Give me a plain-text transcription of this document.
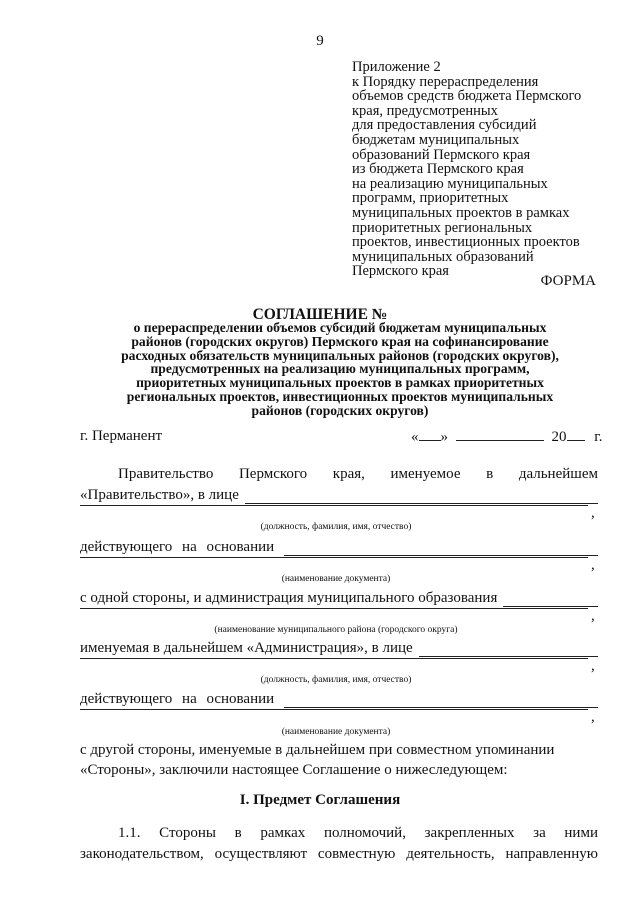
9
Приложение 2
к Порядку перераспределения
объемов средств бюджета Пермского
края, предусмотренных
для предоставления субсидий
бюджетам муниципальных
образований Пермского края
из бюджета Пермского края
на реализацию муниципальных
программ, приоритетных
муниципальных проектов в рамках
приоритетных региональных
проектов, инвестиционных проектов
муниципальных образований
Пермского края
ФОРМА
СОГЛАШЕНИЕ №
о перераспределении объемов субсидий бюджетам муниципальных
районов (городских округов) Пермского края на софинансирование
расходных обязательств муниципальных районов (городских округов),
предусмотренных на реализацию муниципальных программ,
приоритетных муниципальных проектов в рамках приоритетных
региональных проектов, инвестиционных проектов муниципальных
районов (городских округов)
г. Перманент	« »	20 г.
Правительство Пермского края, именуемое в дальнейшем
«Правительство», в лице
,
(должность, фамилия, имя, отчество)
действующего на основании
,
(наименование документа)
с одной стороны, и администрация муниципального образования
,
(наименование муниципального района (городского округа)
именуемая в дальнейшем «Администрация», в лице
,
(должность, фамилия, имя, отчество)
действующего на основании
,
(наименование документа)
с другой стороны, именуемые в дальнейшем при совместном упоминании
«Стороны», заключили настоящее Соглашение о нижеследующем:
I. Предмет Соглашения
1.1. Стороны в рамках полномочий, закрепленных за ними
законодательством, осуществляют совместную деятельность, направленную
